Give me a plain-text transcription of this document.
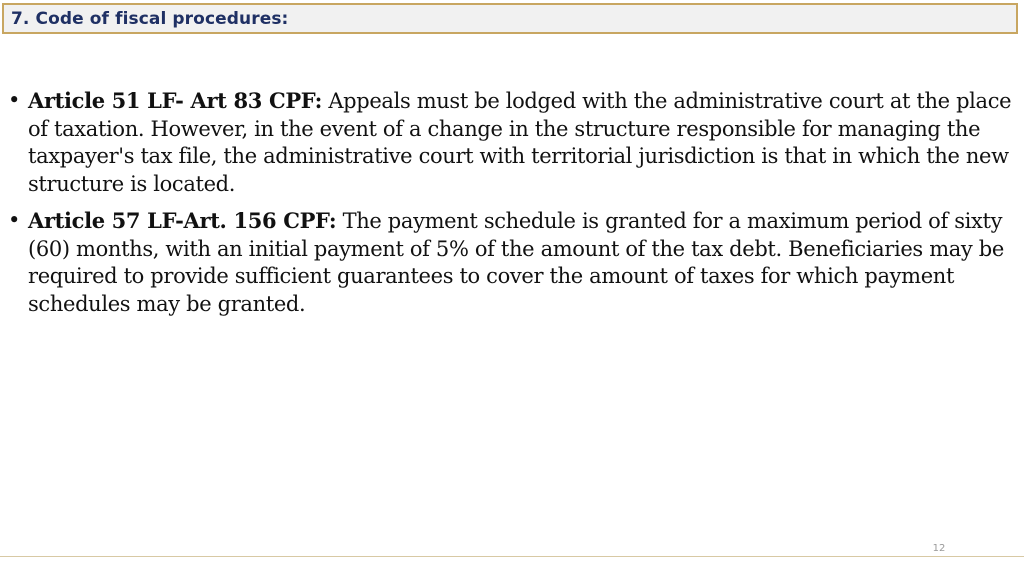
7. Code of fiscal procedures:
• Article 51 LF- Art 83 CPF: Appeals must be lodged with the administrative court at the place of taxation. However, in the event of a change in the structure responsible for managing the taxpayer's tax file, the administrative court with territorial jurisdiction is that in which the new structure is located.
• Article 57 LF-Art. 156 CPF: The payment schedule is granted for a maximum period of sixty (60) months, with an initial payment of 5% of the amount of the tax debt. Beneficiaries may be required to provide sufficient guarantees to cover the amount of taxes for which payment schedules may be granted.
12
